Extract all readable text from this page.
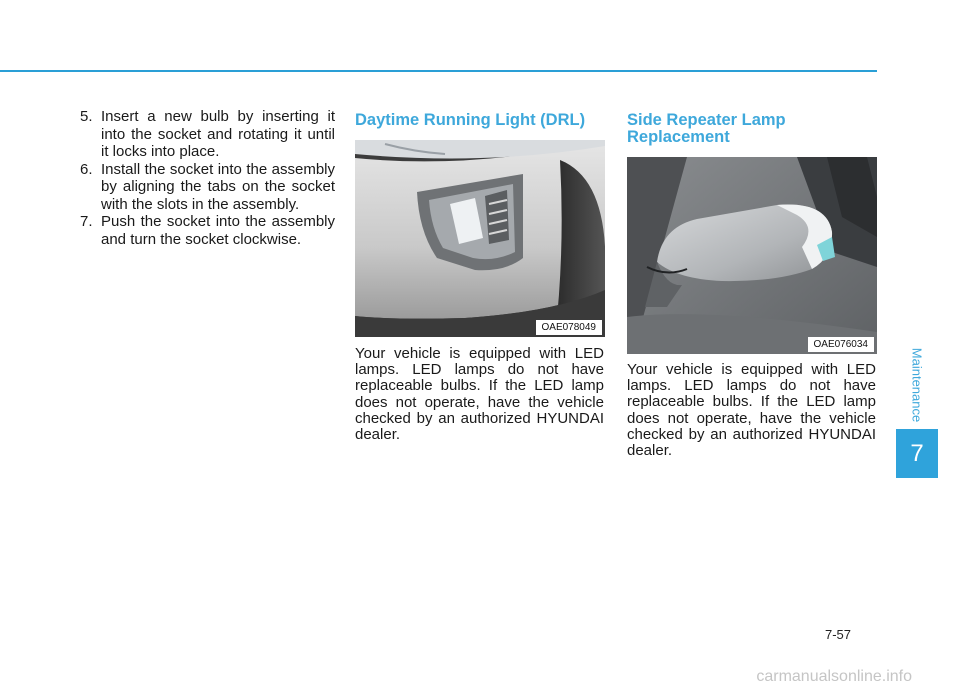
5. Insert a new bulb by inserting it into the socket and rotating it until it locks into place.

6. Install the socket into the assembly by aligning the tabs on the socket with the slots in the assembly.

7. Push the socket into the assembly and turn the socket clockwise.

Daytime Running Light (DRL)
OAE078049

Your vehicle is equipped with LED lamps. LED lamps do not have replaceable bulbs. If the LED lamp does not operate, have the vehicle checked by an authorized HYUNDAI dealer.

Side Repeater Lamp Replacement
OAE076034

Your vehicle is equipped with LED lamps. LED lamps do not have replaceable bulbs. If the LED lamp does not operate, have the vehicle checked by an authorized HYUNDAI dealer.

Maintenance
7
7-57
carmanualsonline.info
